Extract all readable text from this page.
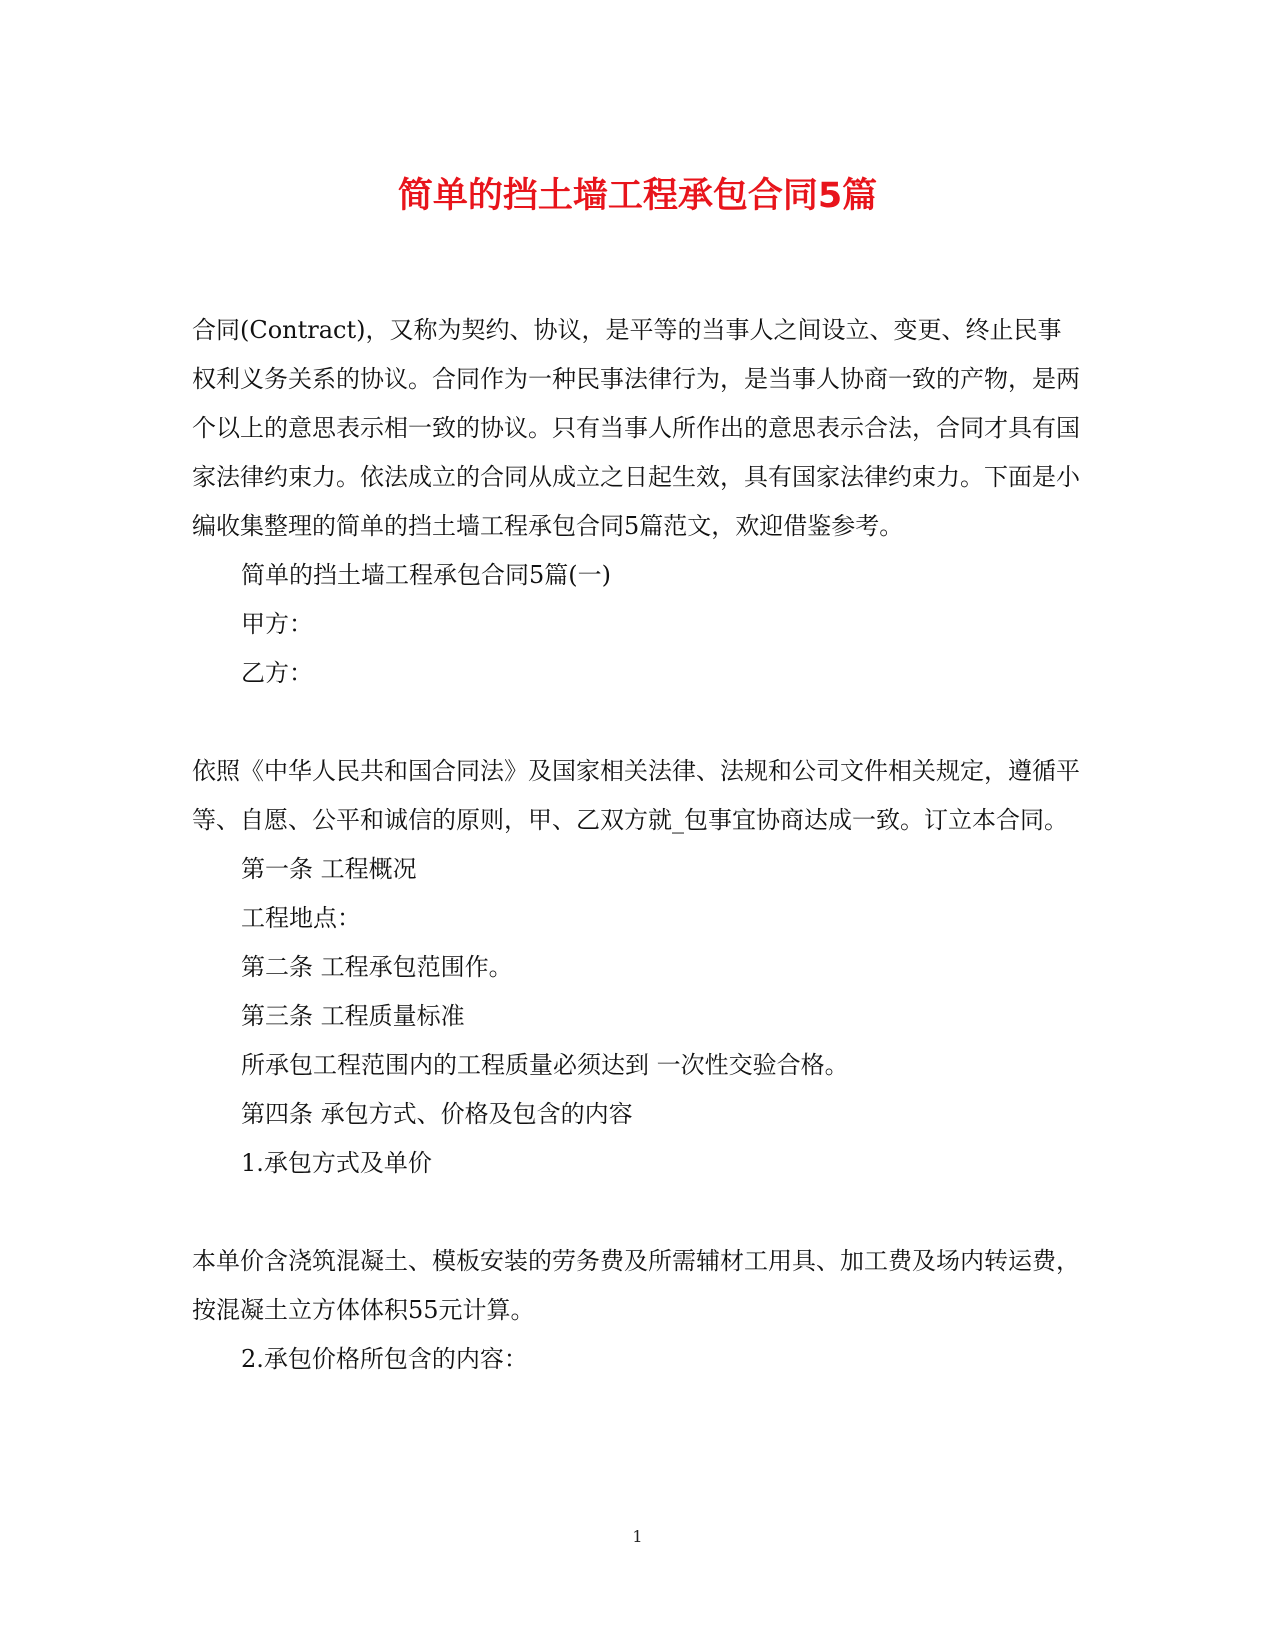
简单的挡土墙工程承包合同5篇

合同(Contract)，又称为契约、协议，是平等的当事人之间设立、变更、终止民事权利义务关系的协议。合同作为一种民事法律行为，是当事人协商一致的产物，是两个以上的意思表示相一致的协议。只有当事人所作出的意思表示合法，合同才具有国家法律约束力。依法成立的合同从成立之日起生效，具有国家法律约束力。下面是小编收集整理的简单的挡土墙工程承包合同5篇范文，欢迎借鉴参考。

简单的挡土墙工程承包合同5篇(一)

甲方：

乙方：

依照《中华人民共和国合同法》及国家相关法律、法规和公司文件相关规定，遵循平等、自愿、公平和诚信的原则，甲、乙双方就_包事宜协商达成一致。订立本合同。

第一条 工程概况

工程地点：

第二条 工程承包范围作。

第三条 工程质量标准

所承包工程范围内的工程质量必须达到 一次性交验合格。

第四条 承包方式、价格及包含的内容

1.承包方式及单价

本单价含浇筑混凝土、模板安装的劳务费及所需辅材工用具、加工费及场内转运费，按混凝土立方体体积55元计算。

2.承包价格所包含的内容：

1
